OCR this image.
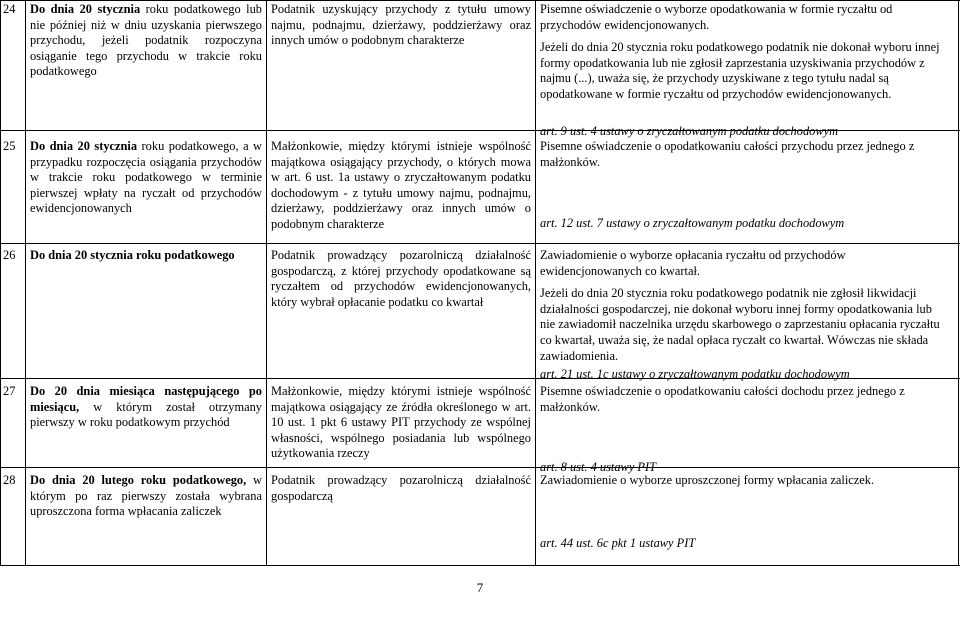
24 Do dnia 20 stycznia roku podatkowego lub nie później niż w dniu uzyskania pierwszego przychodu, jeżeli podatnik rozpoczyna osiąganie tego przychodu w trakcie roku podatkowego
Podatnik uzyskujący przychody z tytułu umowy najmu, podnajmu, dzierżawy, poddzierżawy oraz innych umów o podobnym charakterze

Pisemne oświadczenie o wyborze opodatkowania w formie ryczałtu od przychodów ewidencjonowanych.

Jeżeli do dnia 20 stycznia roku podatkowego podatnik nie dokonał wyboru innej formy opodatkowania lub nie zgłosił zaprzestania uzyskiwania przychodów z najmu (...), uważa się, że przychody uzyskiwane z tego tytułu nadal są opodatkowane w formie ryczałtu od przychodów ewidencjonowanych.

art. 9 ust. 4 ustawy o zryczałtowanym podatku dochodowym
25 Do dnia 20 stycznia roku podatkowego, a w przypadku rozpoczęcia osiągania przychodów w trakcie roku podatkowego w terminie pierwszej wpłaty na ryczałt od przychodów ewidencjonowanych
Małżonkowie, między którymi istnieje wspólność majątkowa osiągający przychody, o których mowa w art. 6 ust. 1a ustawy o zryczałtowanym podatku dochodowym - z tytułu umowy najmu, podnajmu, dzierżawy, poddzierżawy oraz innych umów o podobnym charakterze

Pisemne oświadczenie o opodatkowaniu całości przychodu przez jednego z małżonków.

art. 12 ust. 7 ustawy o zryczałtowanym podatku dochodowym
26 Do dnia 20 stycznia roku podatkowego	Podatnik prowadzący pozarolniczą działalność gospodarczą, z której przychody opodatkowane są ryczałtem od przychodów ewidencjonowanych, który wybrał opłacanie podatku co kwartał

Zawiadomienie o wyborze opłacania ryczałtu od przychodów ewidencjonowanych co kwartał.

Jeżeli do dnia 20 stycznia roku podatkowego podatnik nie zgłosił likwidacji działalności gospodarczej, nie dokonał wyboru innej formy opodatkowania lub nie zawiadomił naczelnika urzędu skarbowego o zaprzestaniu opłacania ryczałtu co kwartał, uważa się, że nadal opłaca ryczałt co kwartał. Wówczas nie składa zawiadomienia.

art. 21 ust. 1c ustawy o zryczałtowanym podatku dochodowym
27 Do 20 dnia miesiąca następującego po miesiącu, w którym został otrzymany pierwszy w roku podatkowym przychód
Małżonkowie, między którymi istnieje wspólność majątkowa osiągający ze źródła określonego w art. 10 ust. 1 pkt 6 ustawy PIT przychody ze wspólnej własności, wspólnego posiadania lub wspólnego użytkowania rzeczy

Pisemne oświadczenie o opodatkowaniu całości dochodu przez jednego z małżonków.

art. 8 ust. 4 ustawy PIT
28 Do dnia 20 lutego roku podatkowego, w którym po raz pierwszy została wybrana uproszczona forma wpłacania zaliczek
Podatnik prowadzący pozarolniczą działalność gospodarczą

Zawiadomienie o wyborze uproszczonej formy wpłacania zaliczek.

art. 44 ust. 6c pkt 1 ustawy PIT
7
